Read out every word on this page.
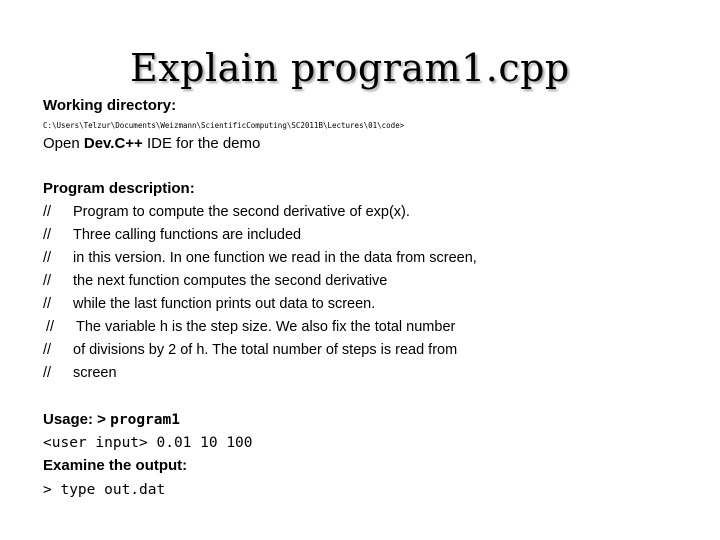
Explain program1.cpp
Working directory:
C:\Users\Telzur\Documents\Weizmann\ScientificComputing\SC2011B\Lectures\01\code>
Open Dev.C++ IDE for the demo
Program description:
// Program to compute the second derivative of exp(x).
// Three calling functions are included
// in this version. In one function we read in the data from screen,
// the next function computes the second derivative
// while the last function prints out data to screen.
// The variable h is the step size. We also fix the total number
// of divisions by 2 of h. The total number of steps is read from
// screen
Usage: > program1
<user input> 0.01 10 100
Examine the output:
> type out.dat
